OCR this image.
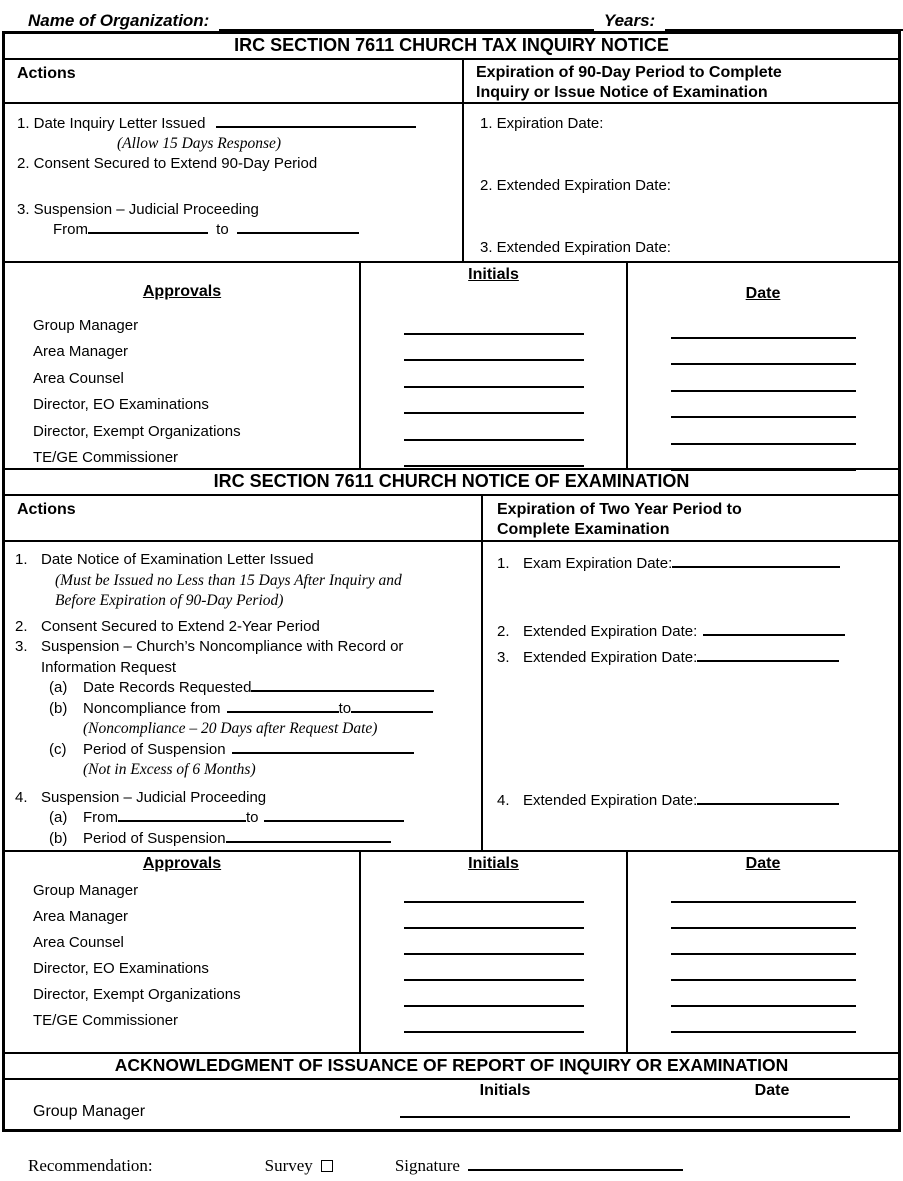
Name of Organization:	Years:
IRC SECTION 7611 CHURCH TAX INQUIRY NOTICE
Actions	Expiration of 90-Day Period to Complete Inquiry or Issue Notice of Examination
1. Date Inquiry Letter Issued
(Allow 15 Days Response)
2. Consent Secured to Extend 90-Day Period
3. Suspension – Judicial Proceeding
From	to
1. Expiration Date:
2. Extended Expiration Date:
3. Extended Expiration Date:
Approvals
Group Manager
Area Manager
Area Counsel
Director, EO Examinations
Director, Exempt Organizations
TE/GE Commissioner
Initials
Date
IRC SECTION 7611 CHURCH NOTICE OF EXAMINATION
Actions	Expiration of Two Year Period to Complete Examination
1. Date Notice of Examination Letter Issued
(Must be Issued no Less than 15 Days After Inquiry and Before Expiration of 90-Day Period)
2. Consent Secured to Extend 2-Year Period
3. Suspension – Church’s Noncompliance with Record or Information Request
(a)	Date Records Requested
(b)	Noncompliance from	to
(Noncompliance – 20 Days after Request Date)
(c)	Period of Suspension
(Not in Excess of 6 Months)
4. Suspension – Judicial Proceeding
(a)	From	to
(b)	Period of Suspension
1. Exam Expiration Date:
2. Extended Expiration Date:
3. Extended Expiration Date:
4. Extended Expiration Date:
Approvals
Group Manager
Area Manager
Area Counsel
Director, EO Examinations
Director, Exempt Organizations
TE/GE Commissioner
Initials	Date
ACKNOWLEDGMENT OF ISSUANCE OF REPORT OF INQUIRY OR EXAMINATION
Initials	Date
Group Manager
Recommendation:	Survey	Signature
